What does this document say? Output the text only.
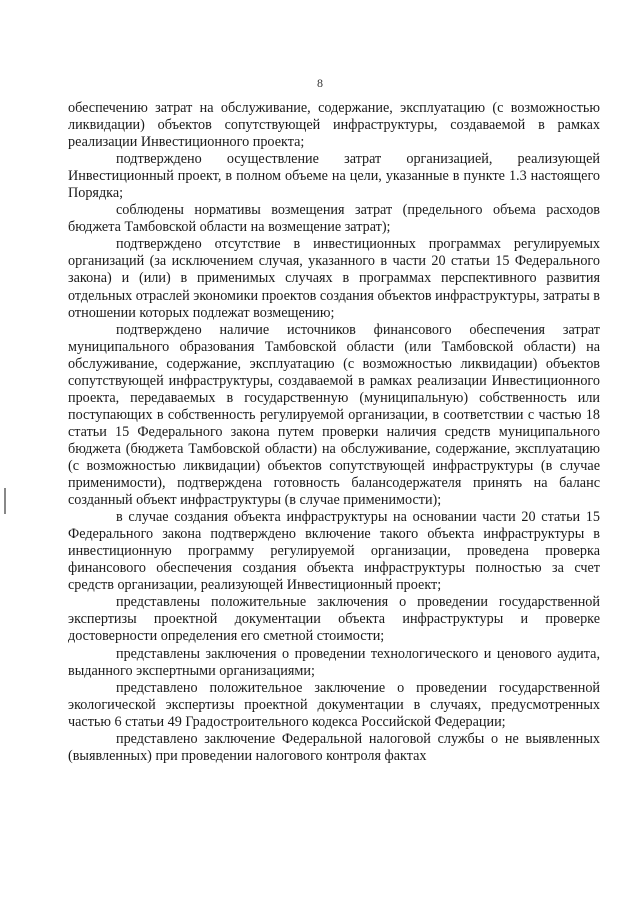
8

обеспечению затрат на обслуживание, содержание, эксплуатацию (с возможностью ликвидации) объектов сопутствующей инфраструктуры, создаваемой в рамках реализации Инвестиционного проекта;

подтверждено осуществление затрат организацией, реализующей Инвестиционный проект, в полном объеме на цели, указанные в пункте 1.3 настоящего Порядка;

соблюдены нормативы возмещения затрат (предельного объема расходов бюджета Тамбовской области на возмещение затрат);

подтверждено отсутствие в инвестиционных программах регулируемых организаций (за исключением случая, указанного в части 20 статьи 15 Федерального закона) и (или) в применимых случаях в программах перспективного развития отдельных отраслей экономики проектов создания объектов инфраструктуры, затраты в отношении которых подлежат возмещению;

подтверждено наличие источников финансового обеспечения затрат муниципального образования Тамбовской области (или Тамбовской области) на обслуживание, содержание, эксплуатацию (с возможностью ликвидации) объектов сопутствующей инфраструктуры, создаваемой в рамках реализации Инвестиционного проекта, передаваемых в государственную (муниципальную) собственность или поступающих в собственность регулируемой организации, в соответствии с частью 18 статьи 15 Федерального закона путем проверки наличия средств муниципального бюджета (бюджета Тамбовской области) на обслуживание, содержание, эксплуатацию (с возможностью ликвидации) объектов сопутствующей инфраструктуры (в случае применимости), подтверждена готовность балансодержателя принять на баланс созданный объект инфраструктуры (в случае применимости);

в случае создания объекта инфраструктуры на основании части 20 статьи 15 Федерального закона подтверждено включение такого объекта инфраструктуры в инвестиционную программу регулируемой организации, проведена проверка финансового обеспечения создания объекта инфраструктуры полностью за счет средств организации, реализующей Инвестиционный проект;

представлены положительные заключения о проведении государственной экспертизы проектной документации объекта инфраструктуры и проверке достоверности определения его сметной стоимости;

представлены заключения о проведении технологического и ценового аудита, выданного экспертными организациями;

представлено положительное заключение о проведении государственной экологической экспертизы проектной документации в случаях, предусмотренных частью 6 статьи 49 Градостроительного кодекса Российской Федерации;

представлено заключение Федеральной налоговой службы о не выявленных (выявленных) при проведении налогового контроля фактах
